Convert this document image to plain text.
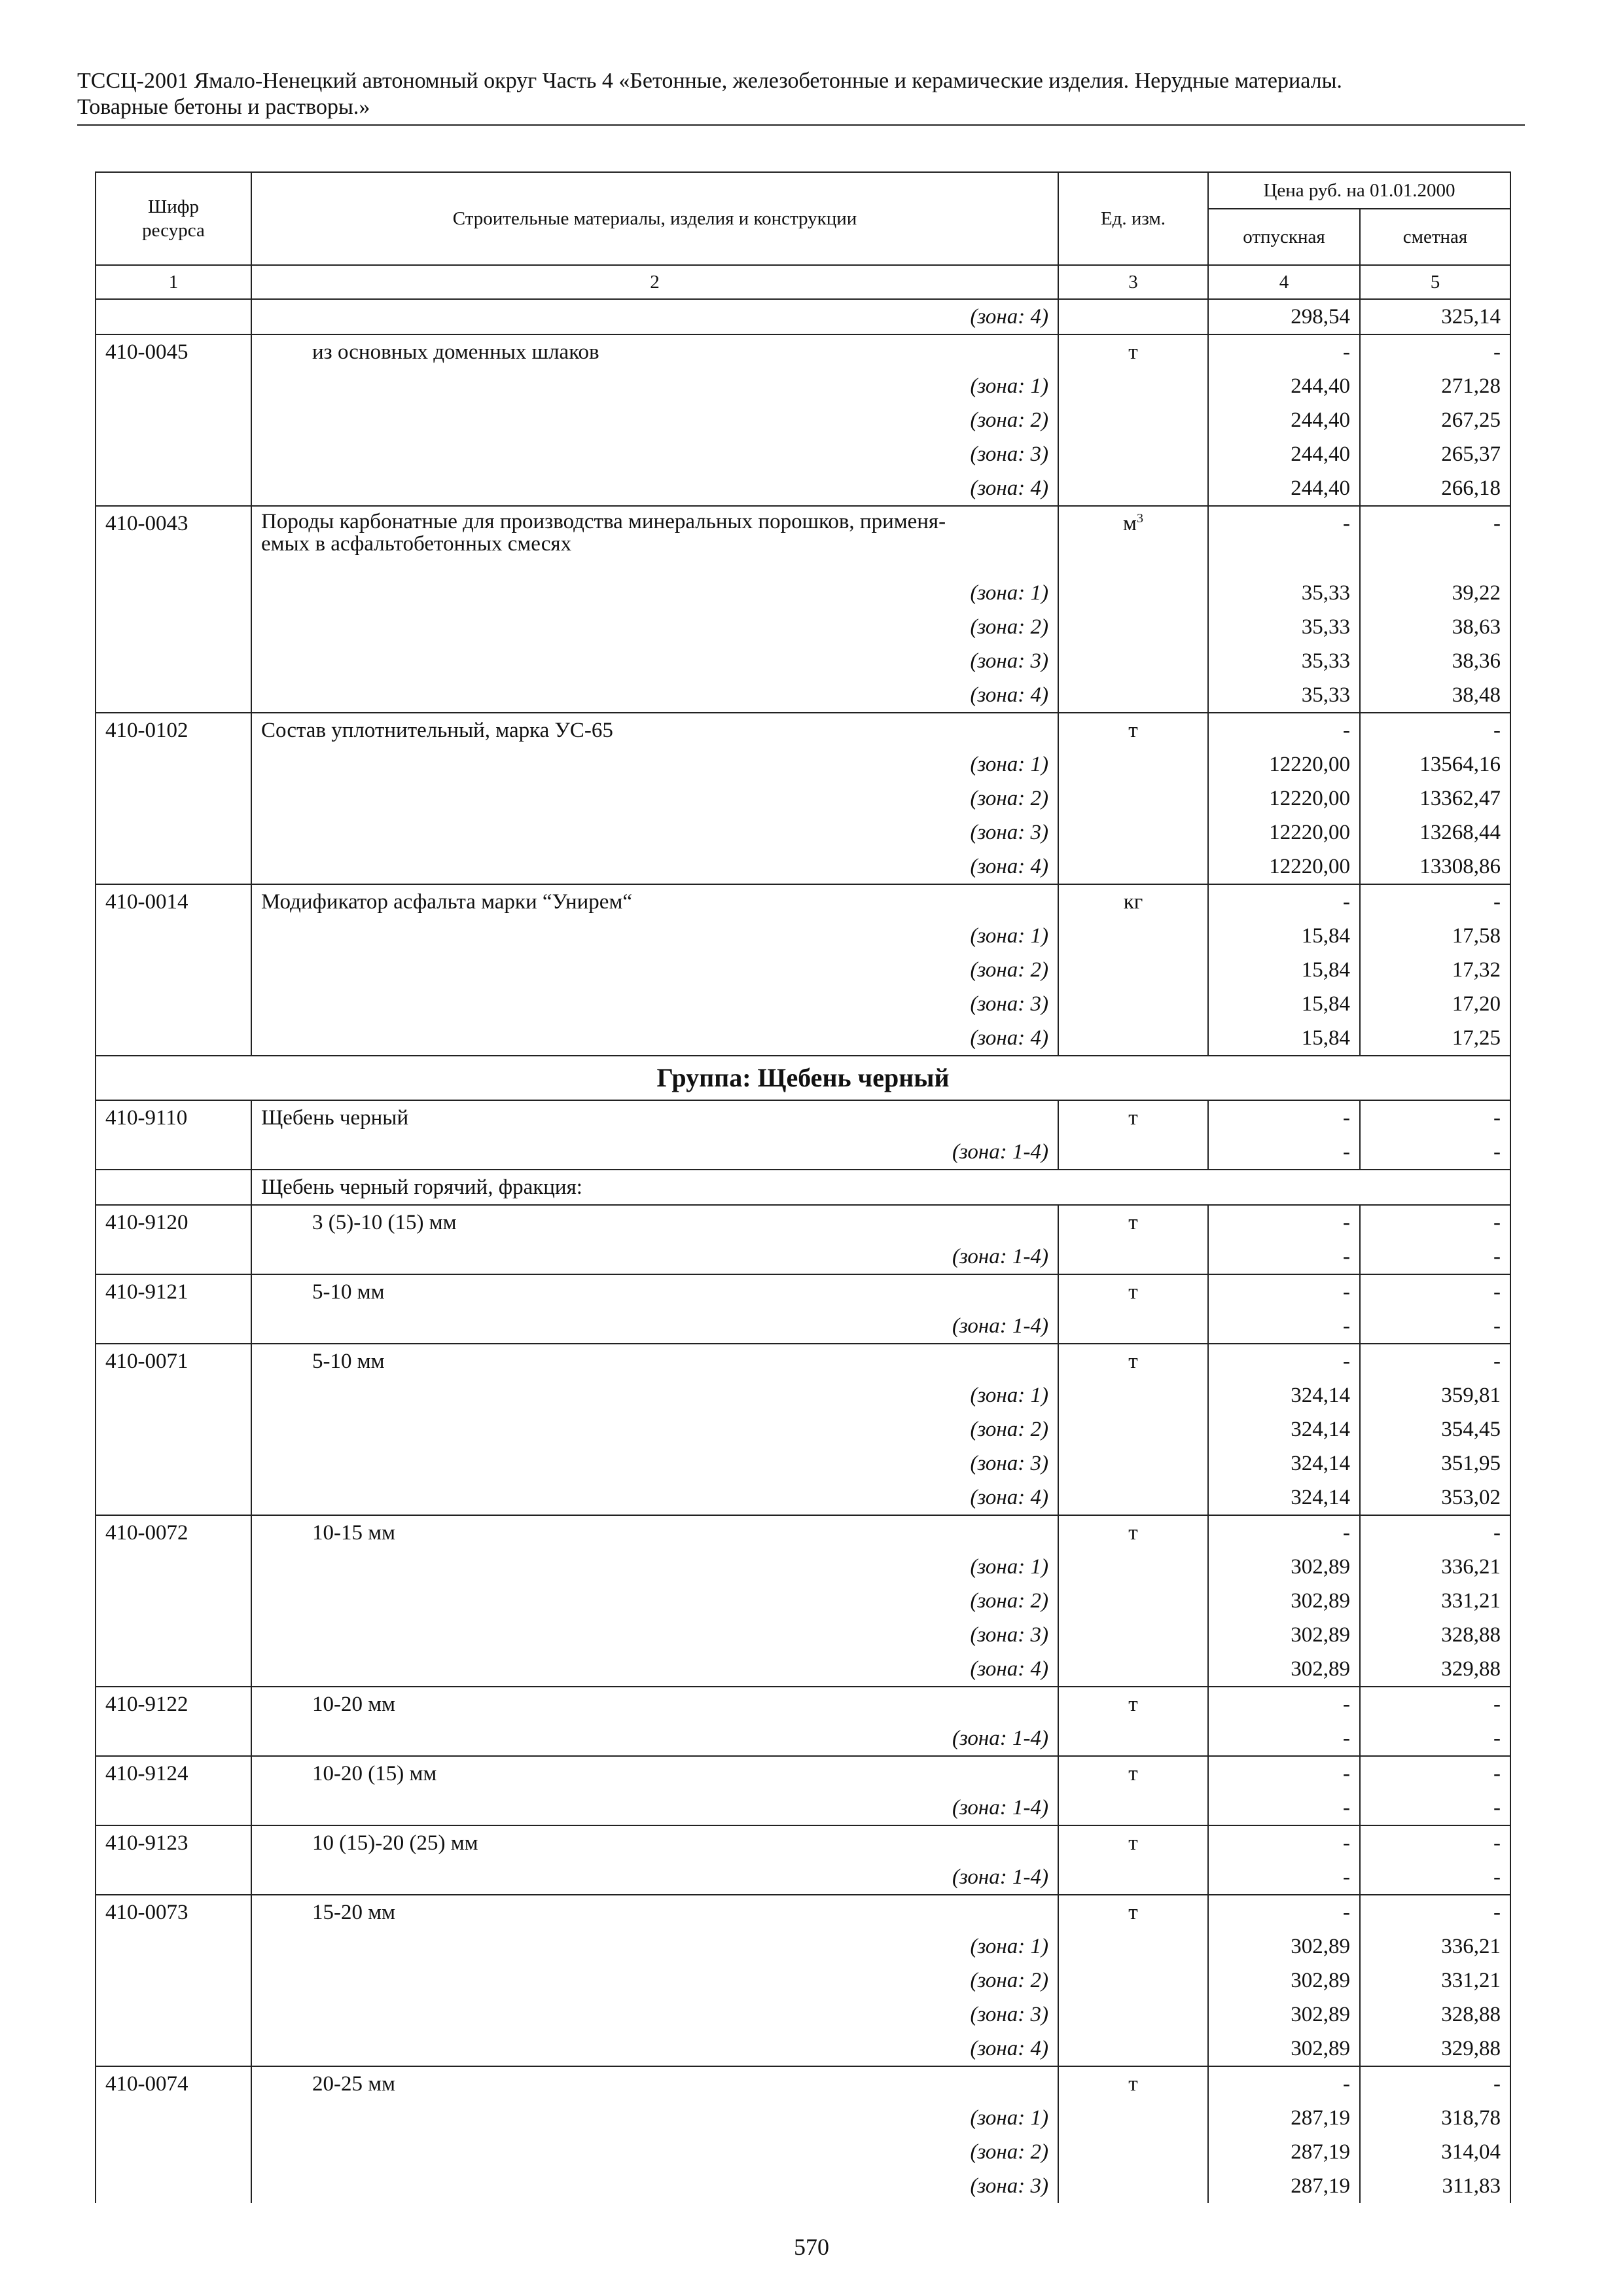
ТССЦ-2001 Ямало-Ненецкий автономный округ Часть 4 «Бетонные, железобетонные и керамические изделия. Нерудные материалы.
Товарные бетоны и растворы.»
Шифр ресурса	Строительные материалы, изделия и конструкции	Ед. изм.	Цена руб. на 01.01.2000	
			отпускная	сметная
1	2	3	4	5
	(зона: 4)		298,54	325,14
410-0045	из основных доменных шлаков	т	-	-
	(зона: 1)		244,40	271,28
	(зона: 2)		244,40	267,25
	(зона: 3)		244,40	265,37
	(зона: 4)		244,40	266,18
410-0043	Породы карбонатные для производства минеральных порошков, применя-
емых в асфальтобетонных смесях	$м^3$	-	-
	(зона: 1)		35,33	39,22
	(зона: 2)		35,33	38,63
	(зона: 3)		35,33	38,36
	(зона: 4)		35,33	38,48
410-0102	Состав уплотнительный, марка УС-65	т	-	-
	(зона: 1)		12220,00	13564,16
	(зона: 2)		12220,00	13362,47
	(зона: 3)		12220,00	13268,44
	(зона: 4)		12220,00	13308,86
410-0014	Модификатор асфальта марки “Унирем“	кг	-	-
	(зона: 1)		15,84	17,58
	(зона: 2)		15,84	17,32
	(зона: 3)		15,84	17,20
	(зона: 4)		15,84	17,25
Группа: Щебень черный				
410-9110	Щебень черный	т	-	-
	(зона: 1-4)		-	-
	Щебень черный горячий, фракция:			
410-9120	3 (5)-10 (15) мм	т	-	-
	(зона: 1-4)		-	-
410-9121	5-10 мм	т	-	-
	(зона: 1-4)		-	-
410-0071	5-10 мм	т	-	-
	(зона: 1)		324,14	359,81
	(зона: 2)		324,14	354,45
	(зона: 3)		324,14	351,95
	(зона: 4)		324,14	353,02
410-0072	10-15 мм	т	-	-
	(зона: 1)		302,89	336,21
	(зона: 2)		302,89	331,21
	(зона: 3)		302,89	328,88
	(зона: 4)		302,89	329,88
410-9122	10-20 мм	т	-	-
	(зона: 1-4)		-	-
410-9124	10-20 (15) мм	т	-	-
	(зона: 1-4)		-	-
410-9123	10 (15)-20 (25) мм	т	-	-
	(зона: 1-4)		-	-
410-0073	15-20 мм	т	-	-
	(зона: 1)		302,89	336,21
	(зона: 2)		302,89	331,21
	(зона: 3)		302,89	328,88
	(зона: 4)		302,89	329,88
410-0074	20-25 мм	т	-	-
	(зона: 1)		287,19	318,78
	(зона: 2)		287,19	314,04
	(зона: 3)		287,19	311,83
570
